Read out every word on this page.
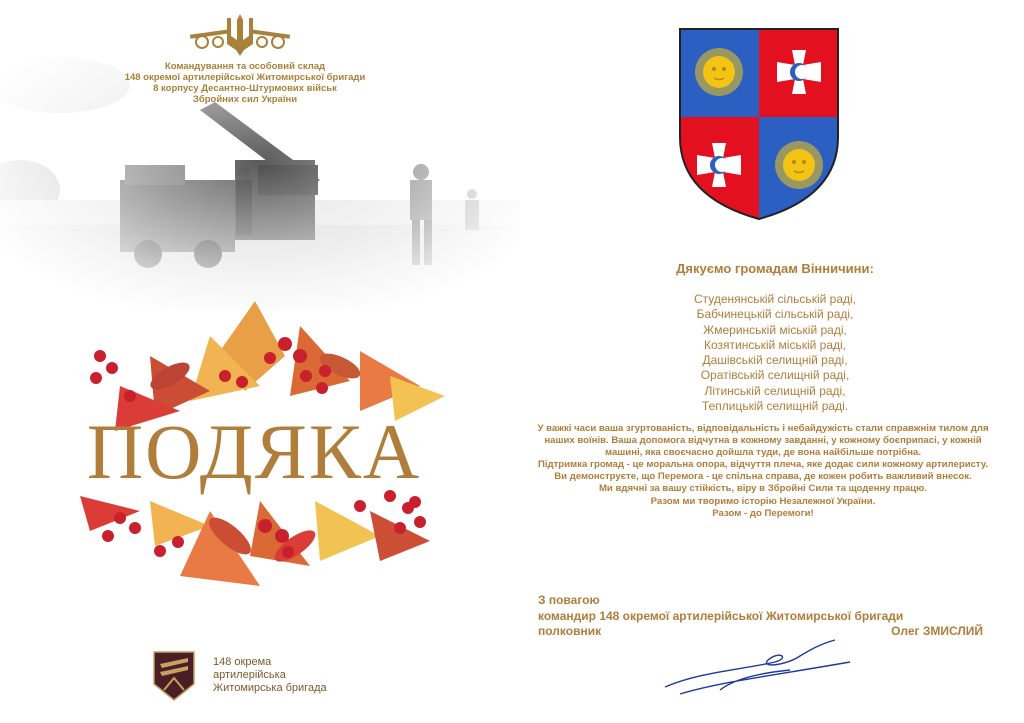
Командування та особовий склад
148 окремої артилерійської Житомирської бригади
8 корпусу Десантно-Штурмових військ
Збройних сил України
ПОДЯКА
148 окрема
артилерійська
Житомирська бригада
Дякуємо громадам Вінничини:
Студенянській сільській раді,
Бабчинецькій сільській раді,
Жмеринській міській раді,
Козятинській міській раді,
Дашівській селищній раді,
Оратівській селищній раді,
Літинській селищній раді,
Теплицькій селищній раді.
У важкі часи ваша згуртованість, відповідальність і небайдужість стали справжнім тилом для
наших воїнів. Ваша допомога відчутна в кожному завданні, у кожному боєприпасі, у кожній
машині, яка своєчасно дойшла туди, де вона найбільше потрібна.
Підтримка громад - це моральна опора, відчуття плеча, яке додає сили кожному артилеристу.
Ви демонструєте, що Перемога - це спільна справа, де кожен робить важливий внесок.
Ми вдячні за вашу стійкість, віру в Збройні Сили та щоденну працю.
Разом ми творимо історію Незалежної України.
Разом - до Перемоги!
З повагою
командир 148 окремої артилерійської Житомирської бригади
полковник	Олег ЗМИСЛИЙ
